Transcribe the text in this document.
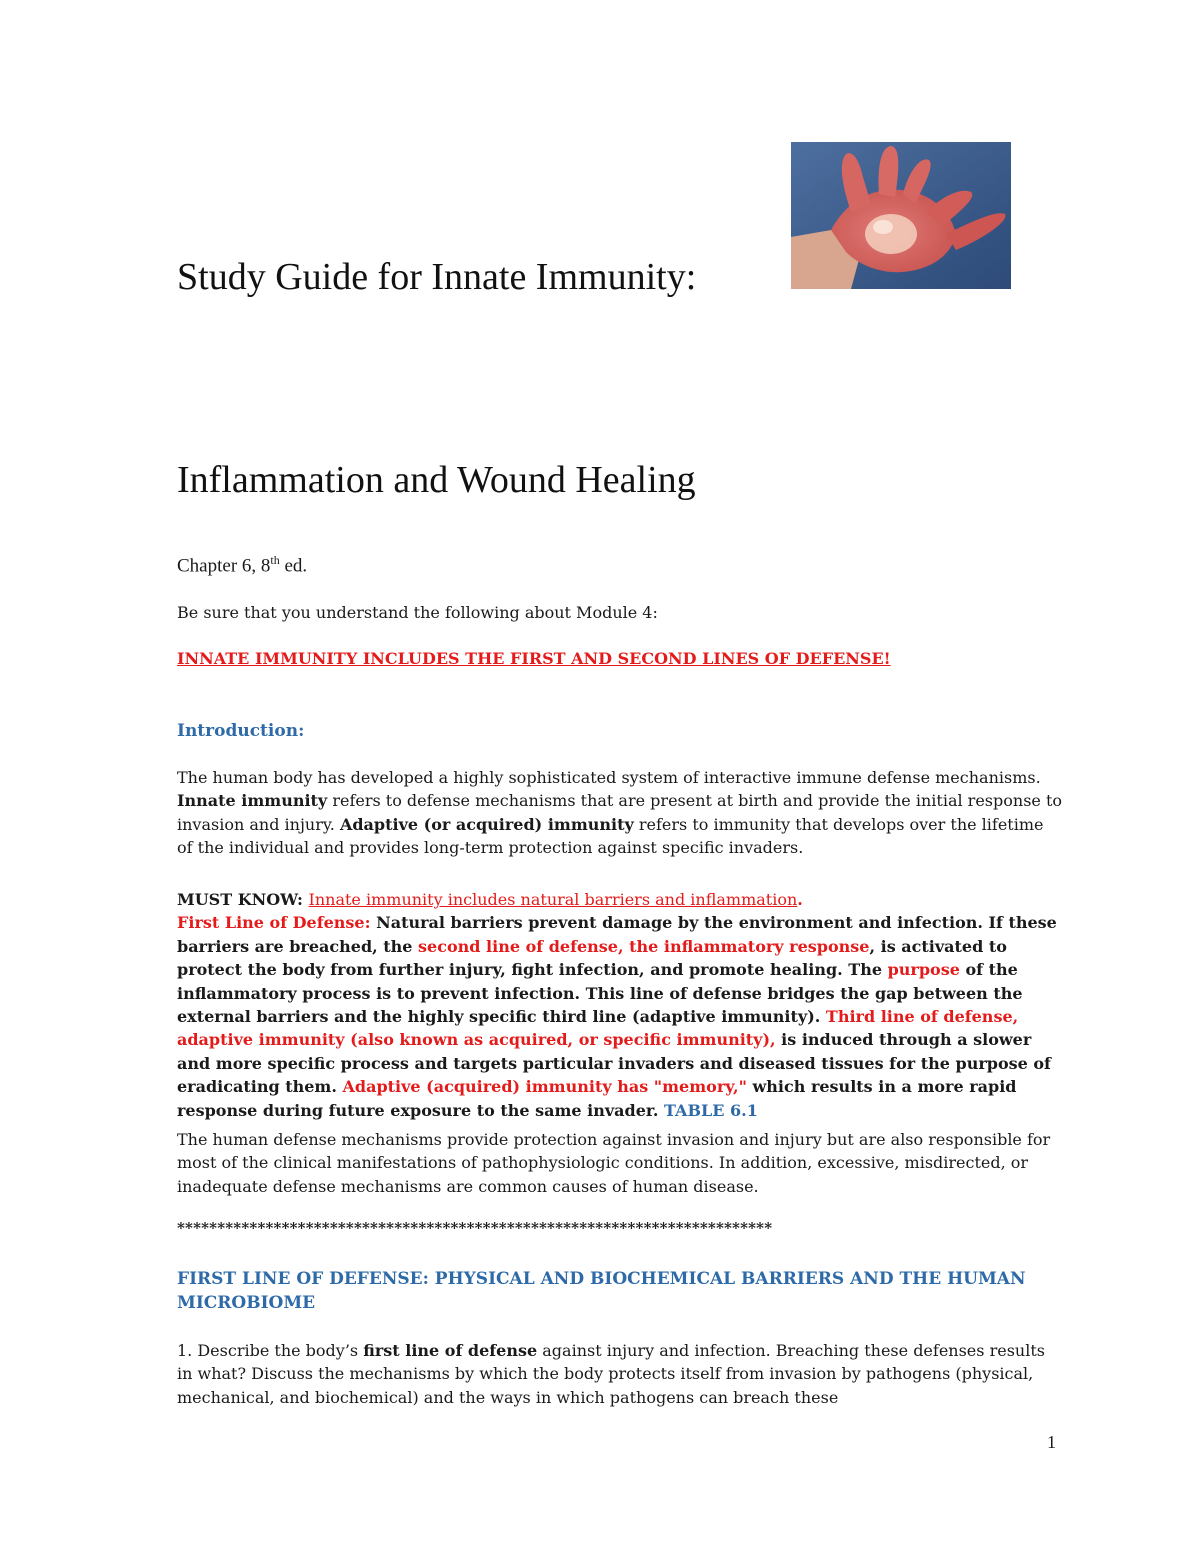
Study Guide for Innate Immunity:
Inflammation and Wound Healing
Chapter 6, 8th ed.
Be sure that you understand the following about Module 4:
INNATE IMMUNITY INCLUDES THE FIRST AND SECOND LINES OF DEFENSE!
Introduction:
The human body has developed a highly sophisticated system of interactive immune defense mechanisms. Innate immunity refers to defense mechanisms that are present at birth and provide the initial response to invasion and injury. Adaptive (or acquired) immunity refers to immunity that develops over the lifetime of the individual and provides long-term protection against specific invaders.
MUST KNOW: Innate immunity includes natural barriers and inflammation.
First Line of Defense: Natural barriers prevent damage by the environment and infection. If these barriers are breached, the second line of defense, the inflammatory response, is activated to protect the body from further injury, fight infection, and promote healing. The purpose of the inflammatory process is to prevent infection. This line of defense bridges the gap between the external barriers and the highly specific third line (adaptive immunity). Third line of defense, adaptive immunity (also known as acquired, or specific immunity), is induced through a slower and more specific process and targets particular invaders and diseased tissues for the purpose of eradicating them. Adaptive (acquired) immunity has "memory," which results in a more rapid response during future exposure to the same invader. TABLE 6.1
The human defense mechanisms provide protection against invasion and injury but are also responsible for most of the clinical manifestations of pathophysiologic conditions. In addition, excessive, misdirected, or inadequate defense mechanisms are common causes of human disease.
**************************************************************************
FIRST LINE OF DEFENSE: PHYSICAL AND BIOCHEMICAL BARRIERS AND THE HUMAN MICROBIOME
1. Describe the body’s first line of defense against injury and infection. Breaching these defenses results in what? Discuss the mechanisms by which the body protects itself from invasion by pathogens (physical, mechanical, and biochemical) and the ways in which pathogens can breach these
1
